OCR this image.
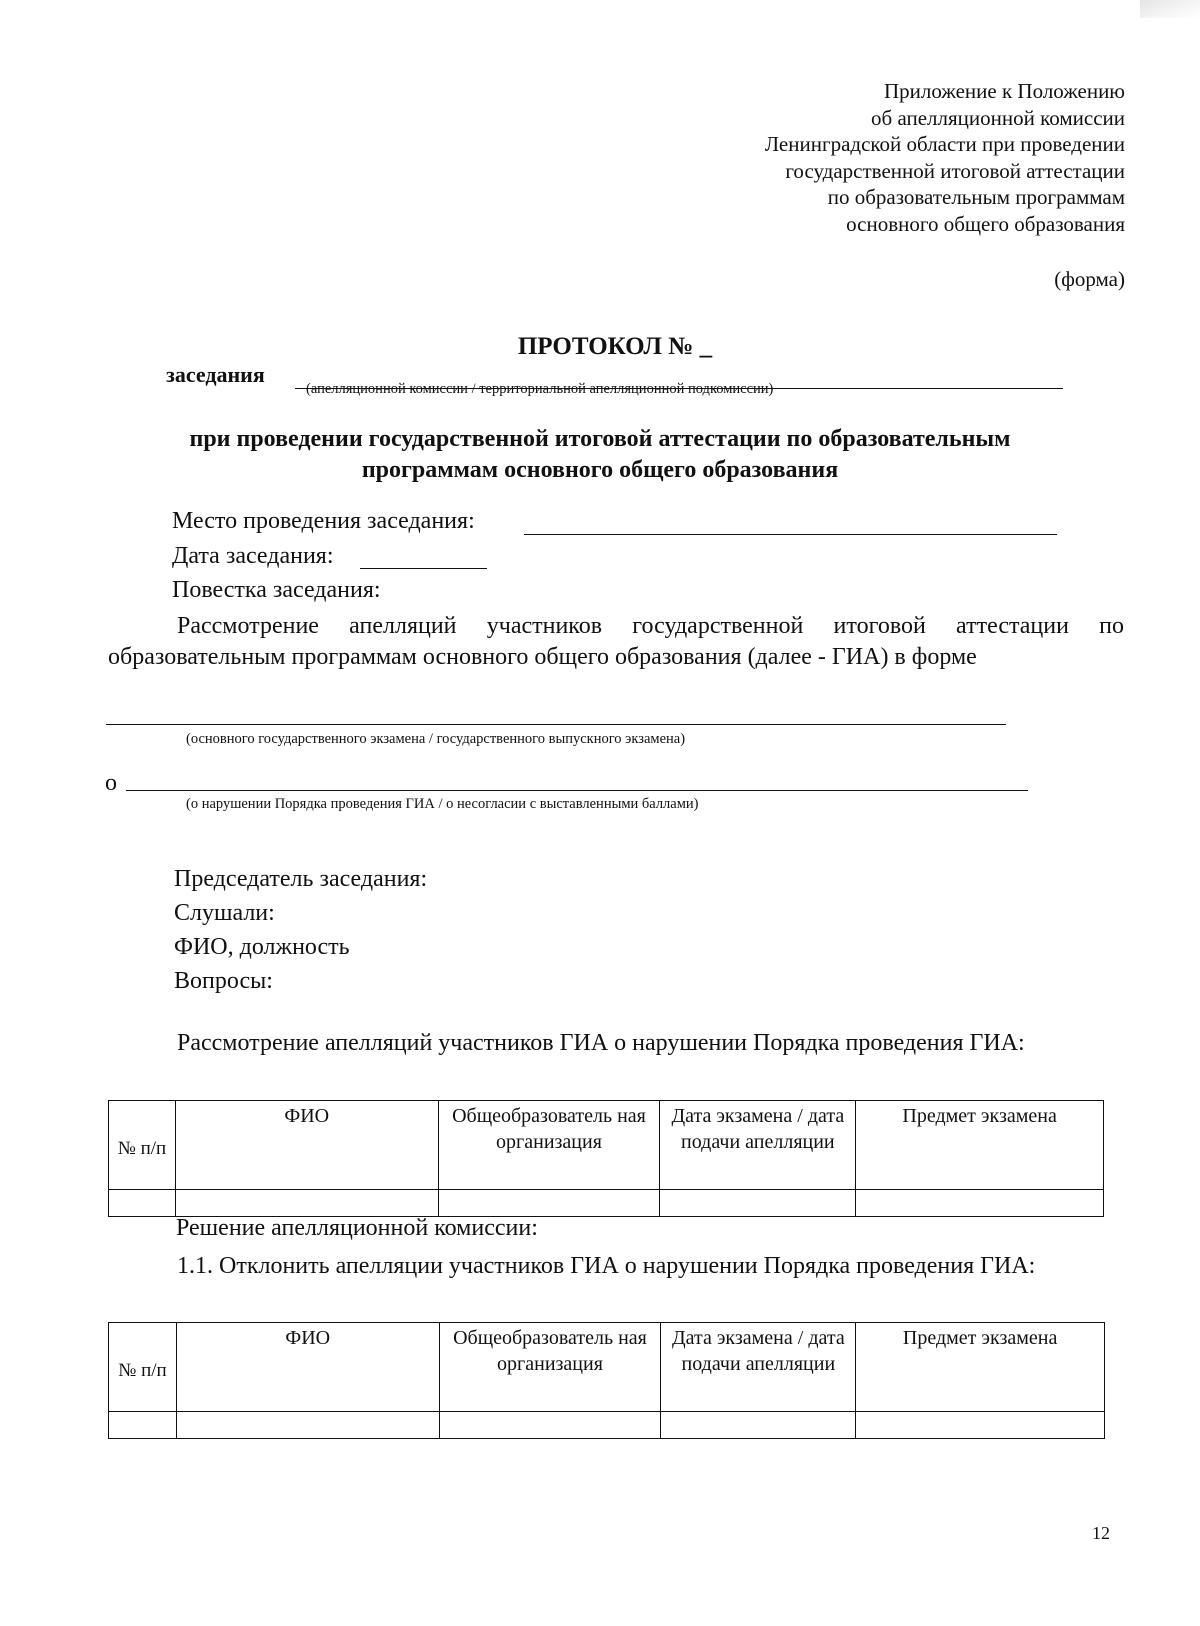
Приложение к Положению
об апелляционной комиссии
Ленинградской области при проведении
государственной итоговой аттестации
по образовательным программам
основного общего образования
(форма)
ПРОТОКОЛ № _
заседания
(апелляционной комиссии / территориальной апелляционной подкомиссии)
при проведении государственной итоговой аттестации по образовательным
программам основного общего образования
Место проведения заседания:
Дата заседания:
Повестка заседания:
Рассмотрение апелляций участников государственной итоговой аттестации по образовательным программам основного общего образования (далее - ГИА) в форме
(основного государственного экзамена / государственного выпускного экзамена)
о
(о нарушении Порядка проведения ГИА / о несогласии с выставленными баллами)
Председатель заседания:
Слушали:
ФИО, должность
Вопросы:
Рассмотрение апелляций участников ГИА о нарушении Порядка проведения ГИА:
№ п/п	ФИО	Общеобразователь ная организация	Дата экзамена / дата подачи апелляции	Предмет экзамена

Решение апелляционной комиссии:
1.1. Отклонить апелляции участников ГИА о нарушении Порядка проведения ГИА:
№ п/п	ФИО	Общеобразователь ная организация	Дата экзамена / дата подачи апелляции	Предмет экзамена

12
